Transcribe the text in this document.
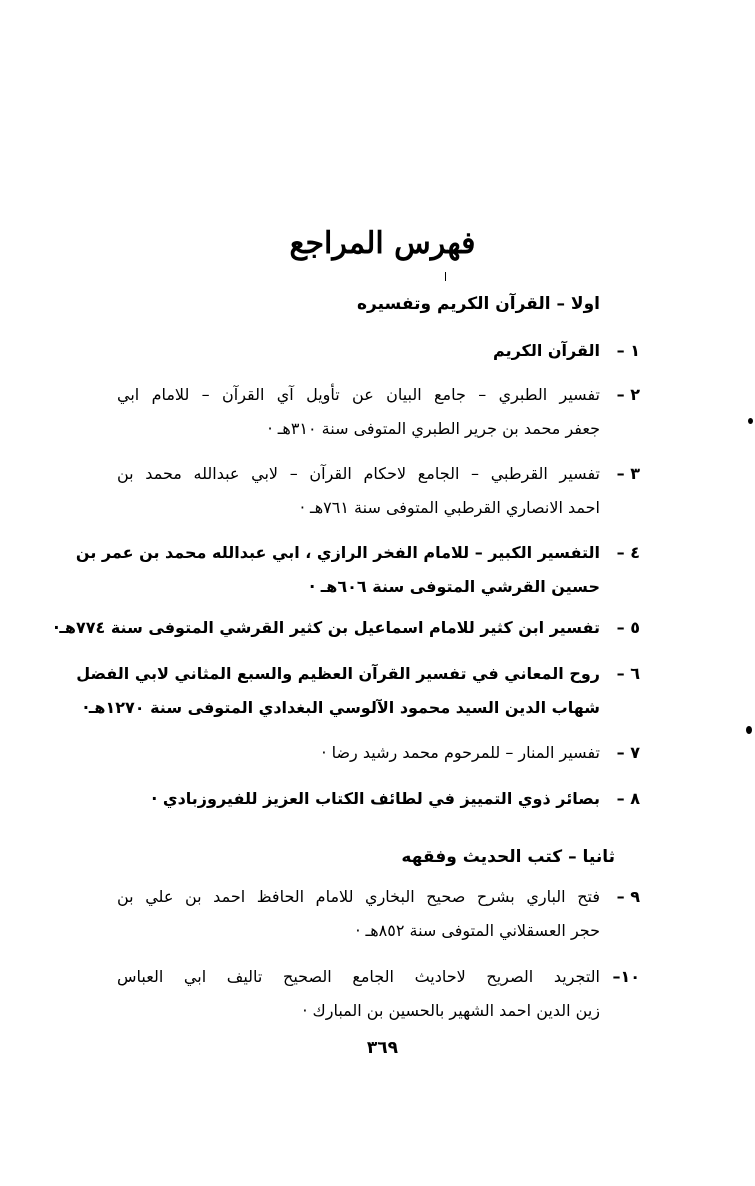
فهرس المراجع
اولا – القرآن الكريم وتفسيره
١ –
القرآن الكريم
٢ –
تفسير الطبري – جامع البيان عن تأويل آي القرآن – للامام ابي
جعفر محمد بن جرير الطبري المتوفى سنة ٣١٠هـ ·
٣ –
تفسير القرطبي – الجامع لاحكام القرآن – لابي عبدالله محمد بن
احمد الانصاري القرطبي المتوفى سنة ٧٦١هـ ·
٤ –
التفسير الكبير – للامام الفخر الرازي ، ابي عبدالله محمد بن عمر بن
حسين القرشي المتوفى سنة ٦٠٦هـ ·
٥ –
تفسير ابن كثير للامام اسماعيل بن كثير القرشي المتوفى سنة ٧٧٤هـ·
٦ –
روح المعاني في تفسير القرآن العظيم والسبع المثاني لابي الفضل
شهاب الدين السيد محمود الآلوسي البغدادي المتوفى سنة ١٢٧٠هـ·
٧ –
تفسير المنار – للمرحوم محمد رشيد رضا ·
٨ –
بصائر ذوي التمييز في لطائف الكتاب العزيز للفيروزبادي ·
ثانيا – كتب الحديث وفقهه
٩ –
فتح الباري بشرح صحيح البخاري للامام الحافظ احمد بن علي بن
حجر العسقلاني المتوفى سنة ٨٥٢هـ ·
١٠–
التجريد الصريح لاحاديث الجامع الصحيح تاليف ابي العباس
زين الدين احمد الشهير بالحسين بن المبارك ·
٣٦٩
